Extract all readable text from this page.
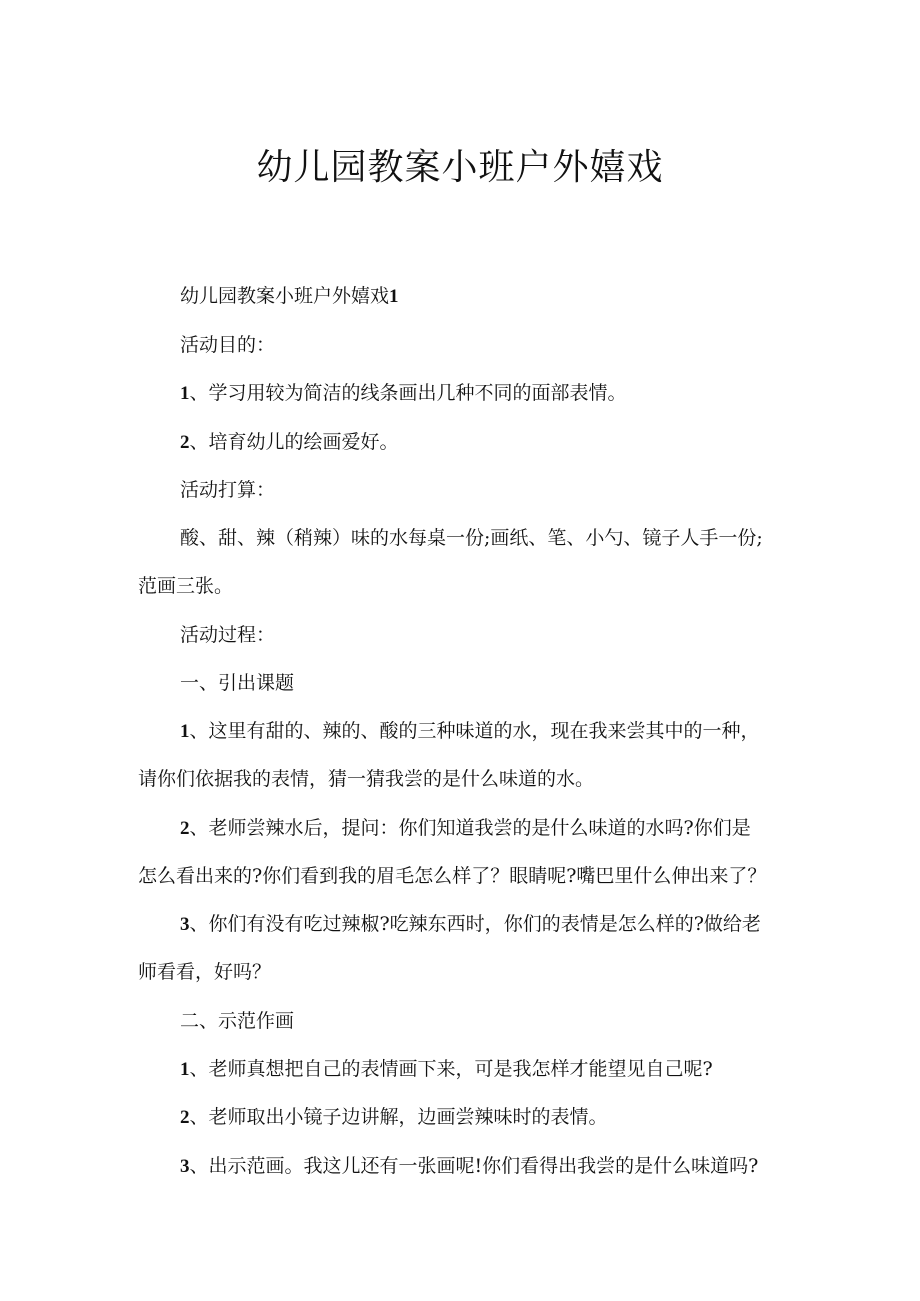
幼儿园教案小班户外嬉戏
幼儿园教案小班户外嬉戏1
活动目的：
1、学习用较为简洁的线条画出几种不同的面部表情。
2、培育幼儿的绘画爱好。
活动打算：
酸、甜、辣（稍辣）味的水每桌一份;画纸、笔、小勺、镜子人手一份;
范画三张。
活动过程：
一、引出课题
1、这里有甜的、辣的、酸的三种味道的水，现在我来尝其中的一种，
请你们依据我的表情，猜一猜我尝的是什么味道的水。
2、老师尝辣水后，提问：你们知道我尝的是什么味道的水吗?你们是
怎么看出来的?你们看到我的眉毛怎么样了？眼睛呢?嘴巴里什么伸出来了？
3、你们有没有吃过辣椒?吃辣东西时，你们的表情是怎么样的?做给老
师看看，好吗？
二、示范作画
1、老师真想把自己的表情画下来，可是我怎样才能望见自己呢?
2、老师取出小镜子边讲解，边画尝辣味时的表情。
3、出示范画。我这儿还有一张画呢!你们看得出我尝的是什么味道吗?
